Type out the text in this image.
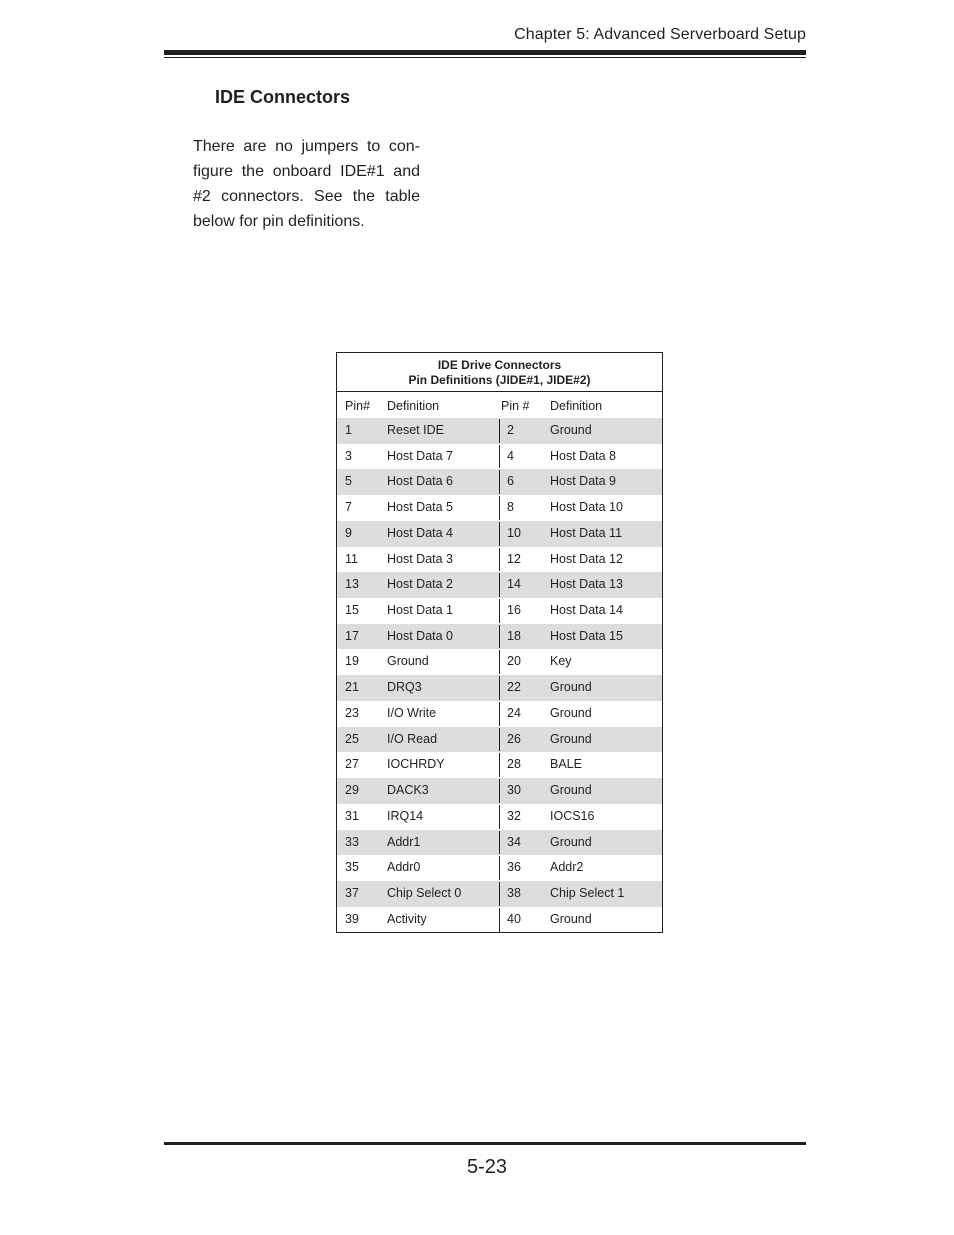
Chapter 5: Advanced Serverboard Setup
IDE Connectors
There are no jumpers to con-figure the onboard IDE#1 and #2 connectors. See the table below for pin definitions.
IDE Drive Connectors
Pin Definitions (JIDE#1, JIDE#2)
Pin# Definition	Pin # Definition
1	Reset IDE	2	Ground
3	Host Data 7	4	Host Data 8
5	Host Data 6	6	Host Data 9
7	Host Data 5	8	Host Data 10
9	Host Data 4	10 Host Data 11
11 Host Data 3	12 Host Data 12
13 Host Data 2	14 Host Data 13
15 Host Data 1	16 Host Data 14
17 Host Data 0	18 Host Data 15
19 Ground	20 Key
21 DRQ3	22 Ground
23 I/O Write	24 Ground
25 I/O Read	26 Ground
27 IOCHRDY	28 BALE
29 DACK3	30 Ground
31 IRQ14	32 IOCS16
33 Addr1	34 Ground
35 Addr0	36 Addr2
37 Chip Select 0	38 Chip Select 1
39 Activity	40 Ground
5-23
